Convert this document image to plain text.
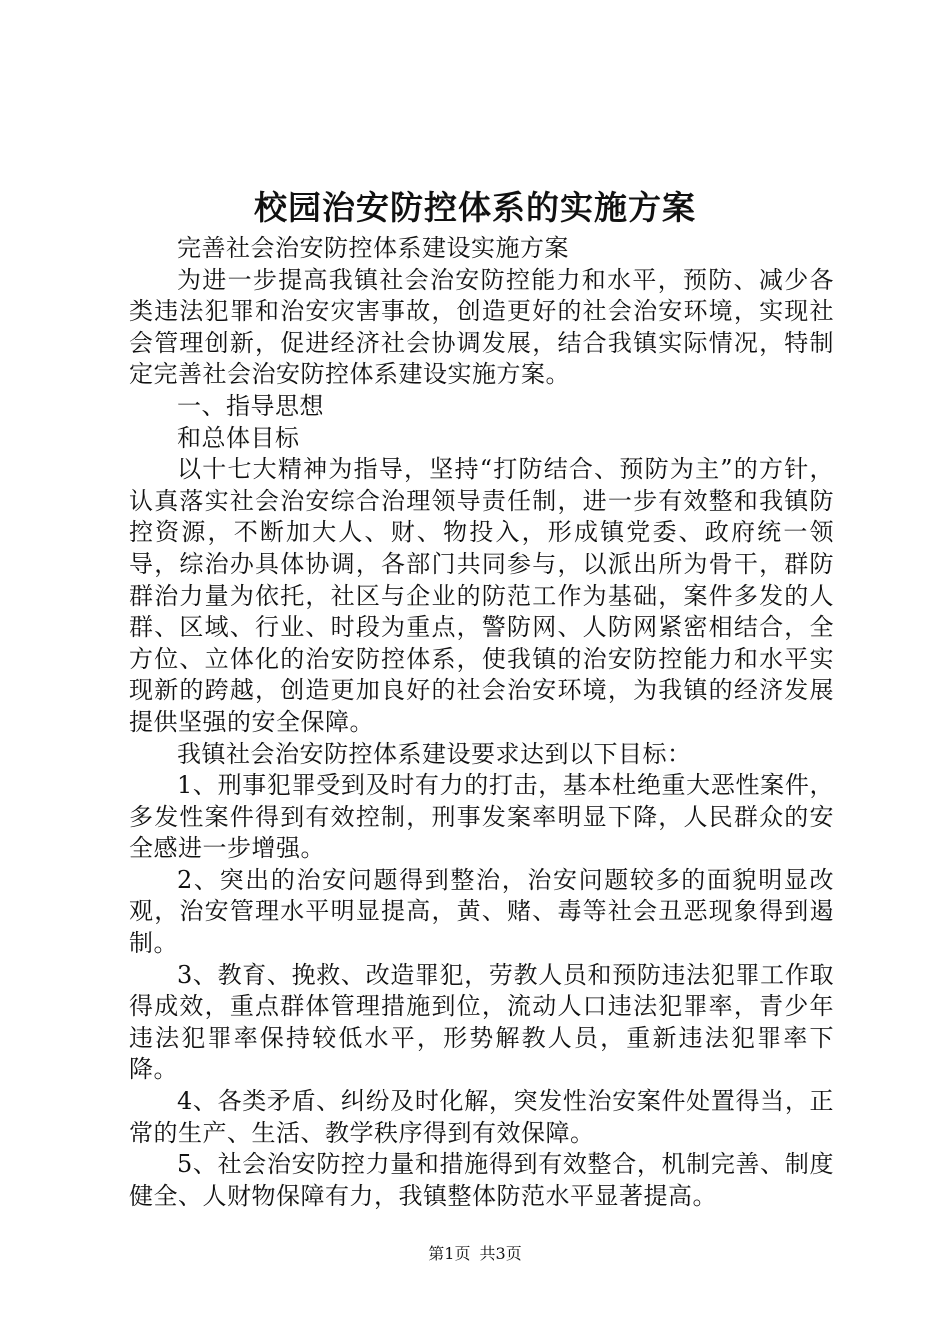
校园治安防控体系的实施方案

完善社会治安防控体系建设实施方案

为进一步提高我镇社会治安防控能力和水平，预防、减少各类违法犯罪和治安灾害事故，创造更好的社会治安环境，实现社会管理创新，促进经济社会协调发展，结合我镇实际情况，特制定完善社会治安防控体系建设实施方案。

一、指导思想

和总体目标

以十七大精神为指导，坚持“打防结合、预防为主”的方针，认真落实社会治安综合治理领导责任制，进一步有效整和我镇防控资源，不断加大人、财、物投入，形成镇党委、政府统一领导，综治办具体协调，各部门共同参与，以派出所为骨干，群防群治力量为依托，社区与企业的防范工作为基础，案件多发的人群、区域、行业、时段为重点，警防网、人防网紧密相结合，全方位、立体化的治安防控体系，使我镇的治安防控能力和水平实现新的跨越，创造更加良好的社会治安环境，为我镇的经济发展提供坚强的安全保障。

我镇社会治安防控体系建设要求达到以下目标：

1、刑事犯罪受到及时有力的打击，基本杜绝重大恶性案件，多发性案件得到有效控制，刑事发案率明显下降，人民群众的安全感进一步增强。

2、突出的治安问题得到整治，治安问题较多的面貌明显改观，治安管理水平明显提高，黄、赌、毒等社会丑恶现象得到遏制。

3、教育、挽救、改造罪犯，劳教人员和预防违法犯罪工作取得成效，重点群体管理措施到位，流动人口违法犯罪率，青少年违法犯罪率保持较低水平，形势解教人员，重新违法犯罪率下降。

4、各类矛盾、纠纷及时化解，突发性治安案件处置得当，正常的生产、生活、教学秩序得到有效保障。

5、社会治安防控力量和措施得到有效整合，机制完善、制度健全、人财物保障有力，我镇整体防范水平显著提高。

第1页 共3页
